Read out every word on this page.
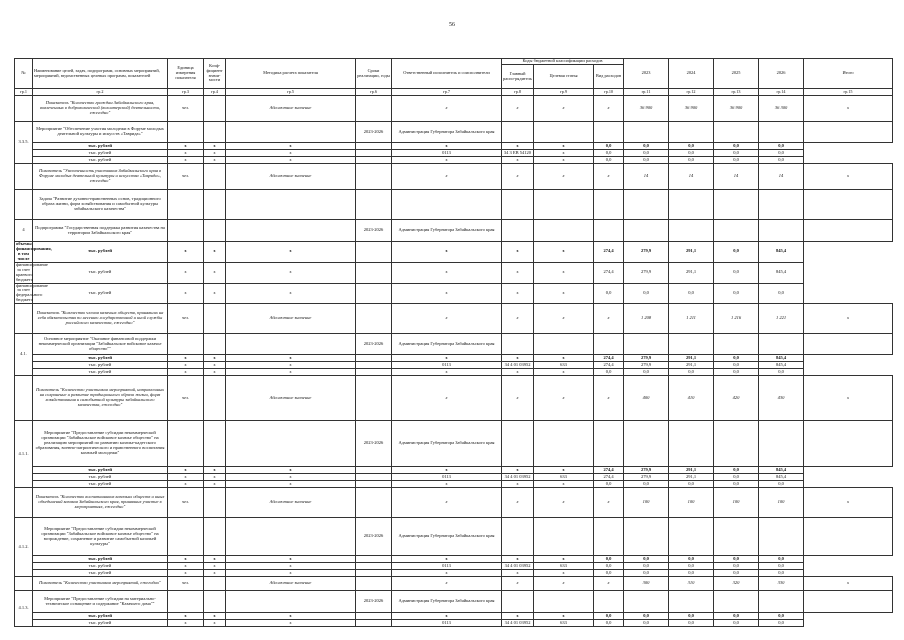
56
№	Наименование целей, задач, подпрограмм, основных мероприятий, мероприятий, ведомственных целевых программ, показателей	Единица измерения показателя	Коэф-фициент значи-мости	Методика расчета показателя	Сроки реализации, годы	Ответственный исполнитель и соисполнители	Коды бюджетной классификации расходов			2023	2024	2025	2026	Итого
							Главный распо-рядитель	Целевая статья	Вид расходов					
гр.1	гр.2	гр.3	гр.4	гр.5	гр.6	гр.7	гр.8	гр.9	гр.10	гр.11	гр.12	гр.13	гр.14	гр.15
	Показатель "Количество граждан Забайкальского края, вовлеченных в добровольческой (волонтерской) деятельности, ежегодно"	чел.		Абсолютное значение		x	x	x	x	36 900	36 900	36 900	36 300	x
3.3.5.	Мероприятие "Обеспечение участия молодежи в Форуме молодых деятельной культуры и искусств «Таврида»"				2023-2026	Администрация Губернатора Забайкальского края								
	тыс. рублей	x	x	x		x	x	x	0,0	0,0	0,0	0,0	0,0	
	тыс. рублей	x	x	x		0113	34 3 EВ 54120	x	0,0	0,0	0,0	0,0	0,0	
	тыс. рублей	x	x	x		x	x	x	0,0	0,0	0,0	0,0	0,0	
	Показатель "Увеличенность участников Забайкальского края в Форуме молодых деятельной культуры и искусства «Таврида», ежегодно"	чел.		Абсолютное значение		x	x	x	x	14	14	14	14	x
	Задача "Развитие духовно-нравственных основ, традиционного образа жизни, форм хозяйствования и самобытной культуры забайкальского казачества"													
4	Подпрограмма "Государственная поддержка развития казачества на территории Забайкальского края"				2023-2026	Администрация Губернатора Забайкальского края								
объемы финансирования, в том числе	тыс. рублей	x	x	x		x	x	x	274,4	279,9	291,1	0,0	845,4	
финансирование за счет краевого бюджета	тыс. рублей	x	x	x		x	x	x	274,4	279,9	291,1	0,0	845,4	
финансирование за счет федерального бюджета	тыс. рублей	x	x	x		x	x	x	0,0	0,0	0,0	0,0	0,0	
	Показатель "Количество членов казачьих обществ, принявших на себя обязательства по несению государственной и иной службы российского казачества, ежегодно"	чел.		Абсолютное значение		x	x	x	x	1 208	1 211	1 216	1 221	x
4.1.	Основное мероприятие "Оказание финансовой поддержки некоммерческой организации "Забайкальское войсковое казачье общество""				2023-2026	Администрация Губернатора Забайкальского края								
	тыс. рублей	x	x	x		x	x	x	274,4	279,9	291,1	0,0	845,4	
	тыс. рублей	x	x	x		0113	34 4 01 03952	633	274,4	279,9	291,1	0,0	845,4	
	тыс. рублей	x	x	x		x	x	x	0,0	0,0	0,0	0,0	0,0	
	Показатель "Количество участников мероприятий, направленных на сохранение и развитие традиционного образа жизни, форм хозяйствования и самобытной культуры забайкальского казачества, ежегодно"	чел.		Абсолютное значение		x	x	x	x	400	410	420	430	x
4.1.1.	Мероприятие "Предоставление субсидии некоммерческой организации "Забайкальское войсковое казачье общество" на реализацию мероприятий по развитию казачье-кадетского образования, военно-патриотического и нравственного воспитания казачьей молодежи"				2023-2026	Администрация Губернатора Забайкальского края								
	тыс. рублей	x	x	x		x	x	x	274,4	279,9	291,1	0,0	845,4	
	тыс. рублей	x	x	x		0113	34 4 01 03952	633	274,4	279,9	291,1	0,0	845,4	
	тыс. рублей	x	x	x		x	x	x	0,0	0,0	0,0	0,0	0,0	
	Показатель "Количество воспитанников казачьих обществ и иных объединений казаков Забайкальского края, принявших участие в мероприятиях, ежегодно"	чел.		Абсолютное значение		x	x	x	x	100	100	100	100	x
4.1.2.	Мероприятие "Предоставление субсидии некоммерческой организации "Забайкальское войсковое казачье общество" на возрождение, сохранение и развитие самобытной казачьей культуры"				2023-2026	Администрация Губернатора Забайкальского края								
	тыс. рублей	x	x	x		x	x	x	0,0	0,0	0,0	0,0	0,0	
	тыс. рублей	x	x	x		0113	34 4 01 03952	633	0,0	0,0	0,0	0,0	0,0	
	тыс. рублей	x	x	x		x	x	x	0,0	0,0	0,0	0,0	0,0	
	Показатель "Количество участников мероприятий, ежегодно"	чел.		Абсолютное значение		x	x	x	x	300	310	320	330	x
4.1.3.	Мероприятие "Предоставление субсидии на материально-техническое оснащение и содержание "Казачьего дома""				2023-2026	Администрация Губернатора Забайкальского края								
	тыс. рублей	x	x	x		x	x	x	0,0	0,0	0,0	0,0	0,0	
	тыс. рублей	x	x	x		0113	34 4 01 03952	633	0,0	0,0	0,0	0,0	0,0	
